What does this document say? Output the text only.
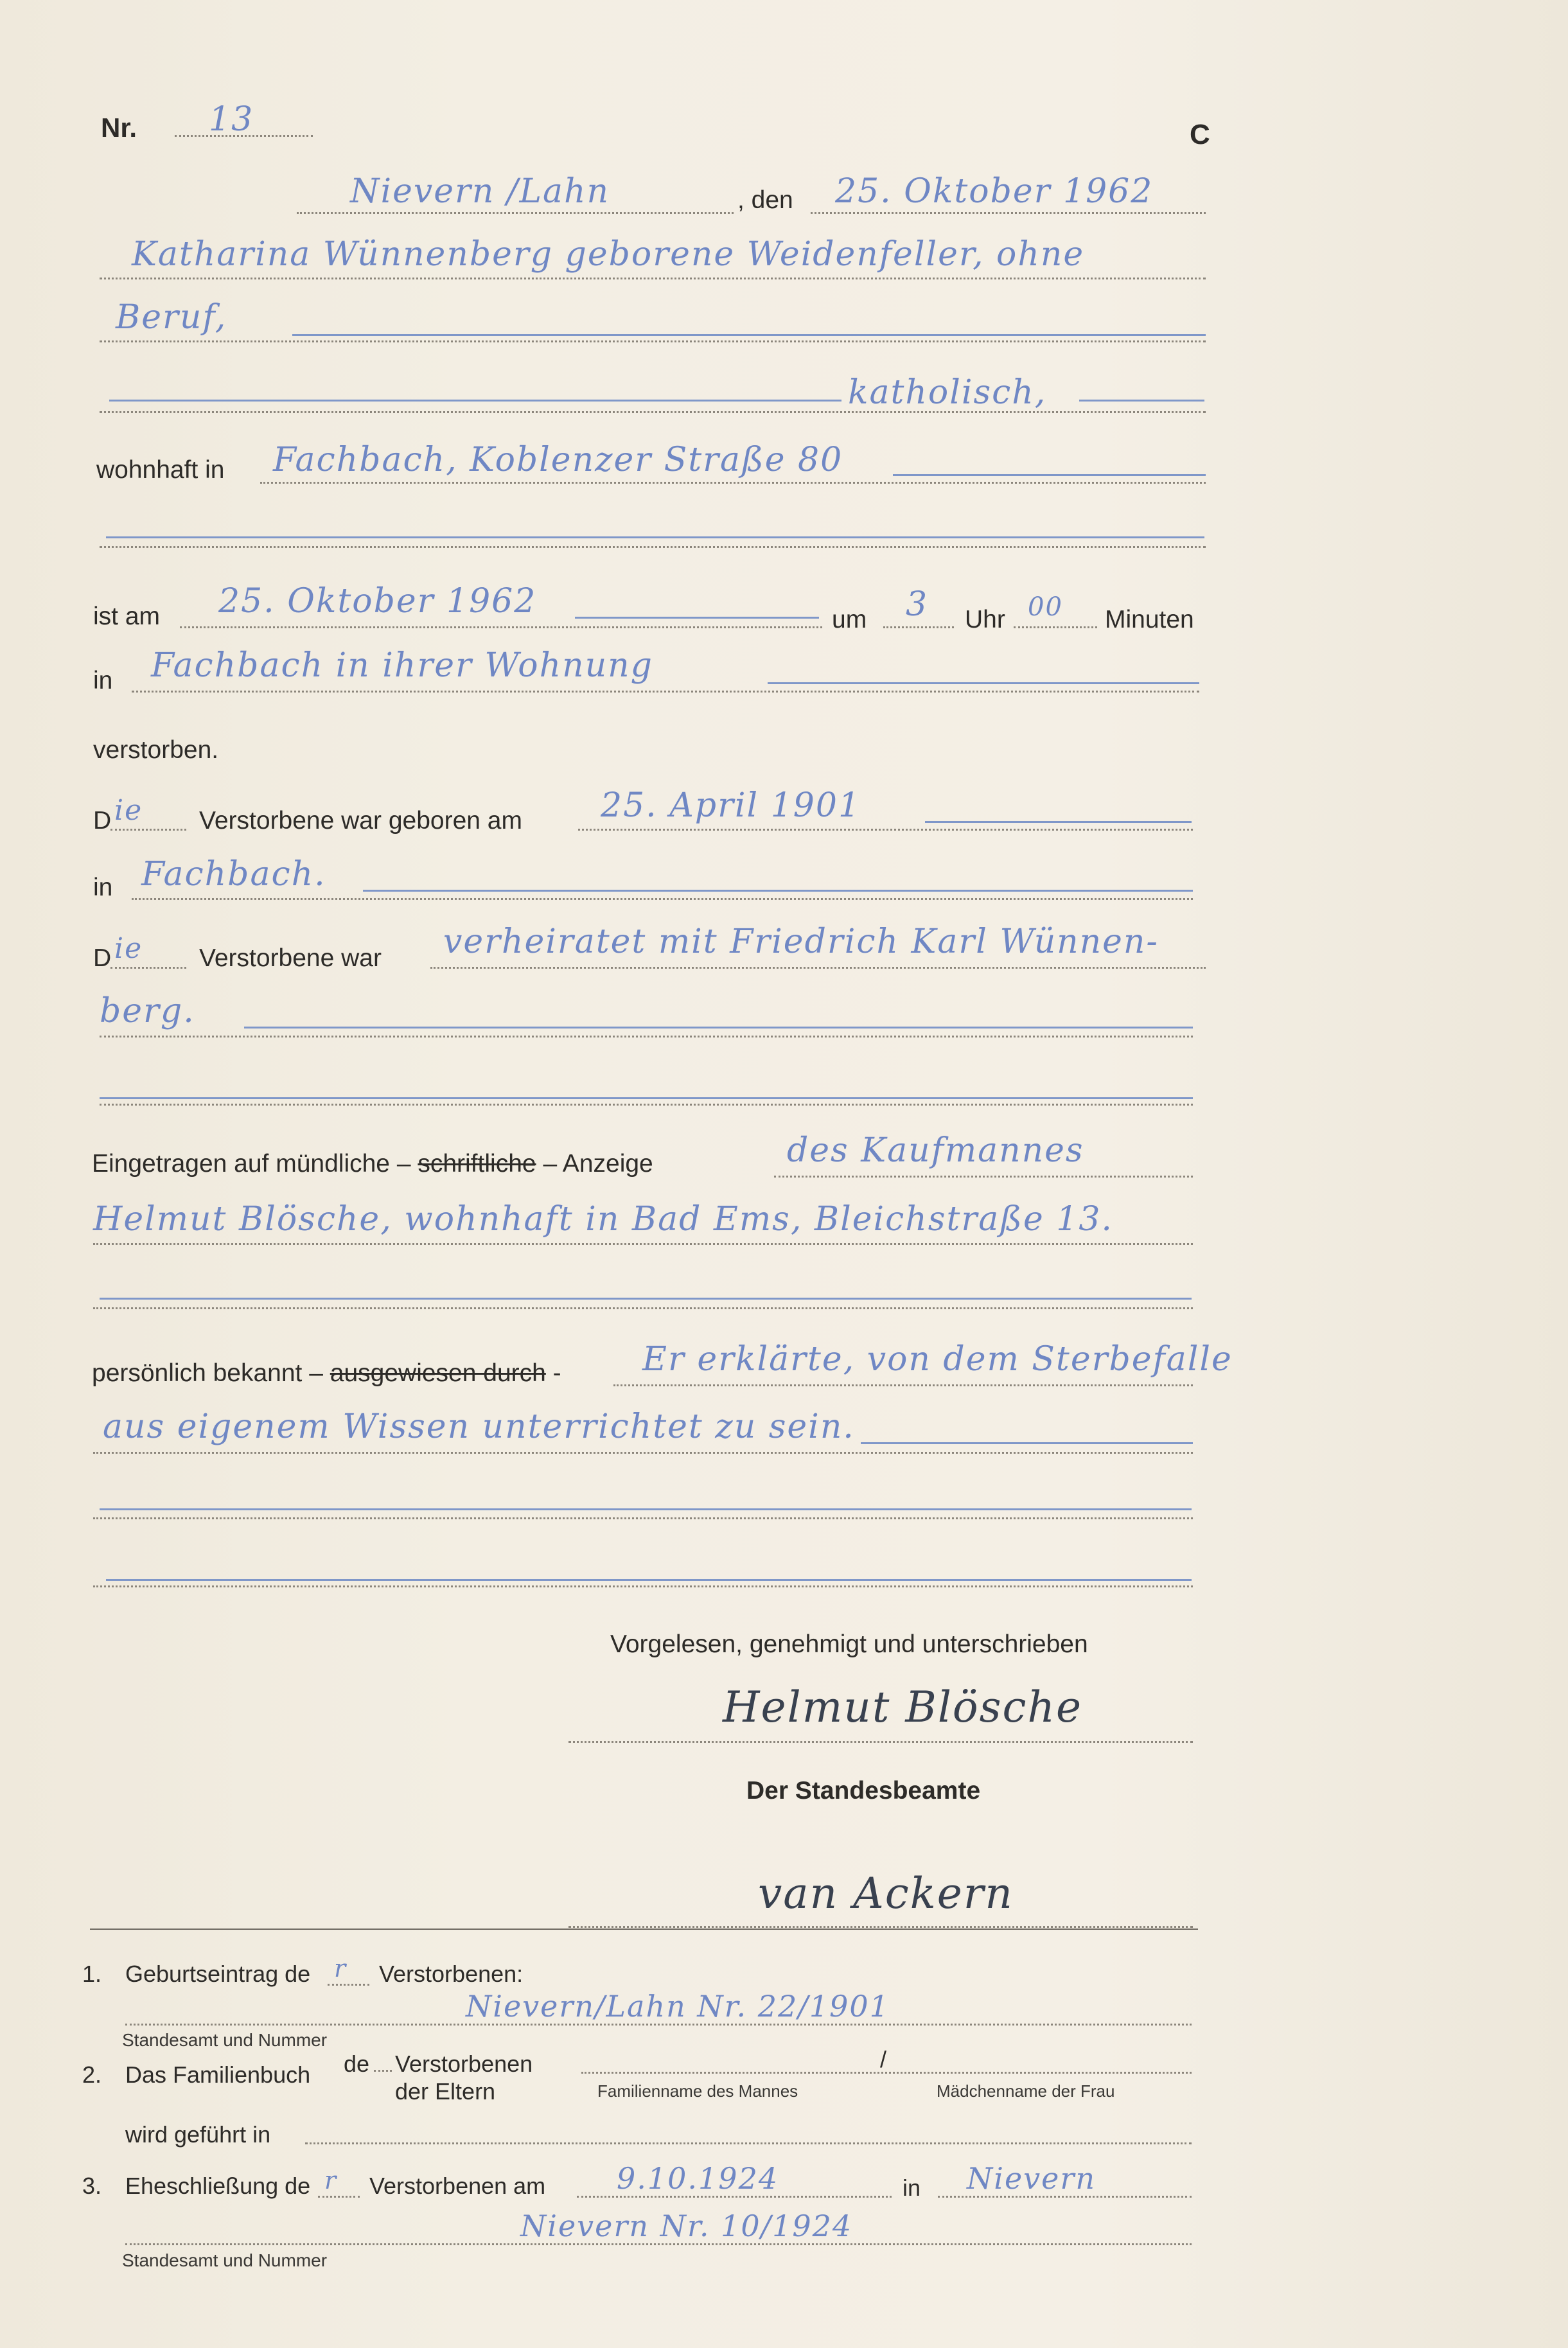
Nr. 13	C
Nievern /Lahn	, den 25. Oktober 1962
Katharina Wünnenberg geborene Weidenfeller, ohne
Beruf,
katholisch,
wohnhaft in Fachbach, Koblenzer Straße 80
ist am 25. Oktober 1962	um 3 Uhr 00 Minuten
in Fachbach in ihrer Wohnung
verstorben.
D ie Verstorbene war geboren am 25. April 1901
in Fachbach.
D ie Verstorbene war verheiratet mit Friedrich Karl Wünnen-
berg.
Eingetragen auf mündliche – schriftliche – Anzeige	des Kaufmannes
Helmut Blösche, wohnhaft in Bad Ems, Bleichstraße 13.
persönlich bekannt – ausgewiesen durch - Er erklärte, von dem Sterbefalle
aus eigenem Wissen unterrichtet zu sein.
Vorgelesen, genehmigt und unterschrieben
Helmut Blösche
Der Standesbeamte
van Ackern
1. Geburtseintrag de r Verstorbenen:
Nievern/Lahn Nr. 22/1901
Standesamt und Nummer
2. Das Familienbuch de Verstorbenen
der Eltern
/
Familienname des Mannes	Mädchenname der Frau
wird geführt in
3. Eheschließung de r Verstorbenen am 9.10.1924	in Nievern
Nievern Nr. 10/1924
Standesamt und Nummer
